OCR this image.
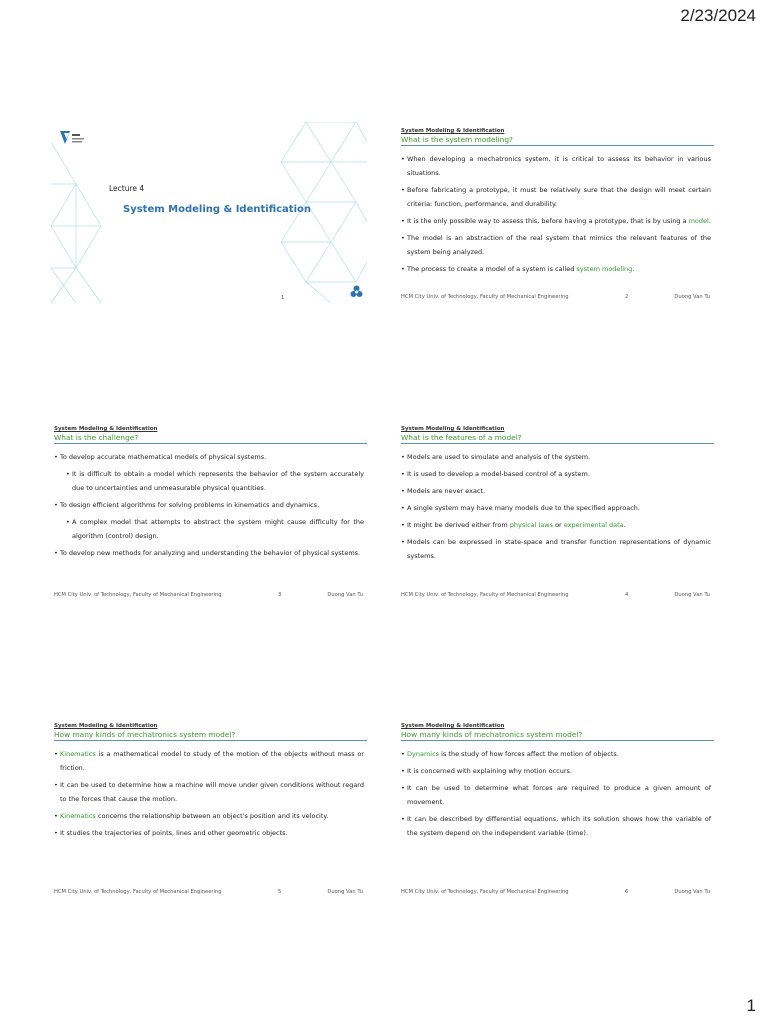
2/23/2024
Lecture 4
System Modeling & Identification
1
System Modeling & Identification
What is the system modeling?
• When developing a mechatronics system, it is critical to assess its behavior in various situations.
• Before fabricating a prototype, it must be relatively sure that the design will meet certain criteria: function, performance, and durability.
• It is the only possible way to assess this, before having a prototype, that is by using a model.
• The model is an abstraction of the real system that mimics the relevant features of the system being analyzed.
• The process to create a model of a system is called system modeling.
HCM City Univ. of Technology, Faculty of Mechanical Engineering	2	Duong Van Tu
System Modeling & Identification
What is the challenge?
• To develop accurate mathematical models of physical systems.
• It is difficult to obtain a model which represents the behavior of the system accurately due to uncertainties and unmeasurable physical quantities.
• To design efficient algorithms for solving problems in kinematics and dynamics.
• A complex model that attempts to abstract the system might cause difficulty for the algorithm (control) design.
• To develop new methods for analyzing and understanding the behavior of physical systems.
HCM City Univ. of Technology, Faculty of Mechanical Engineering	3	Duong Van Tu
System Modeling & Identification
What is the features of a model?
• Models are used to simulate and analysis of the system.
• It is used to develop a model-based control of a system.
• Models are never exact.
• A single system may have many models due to the specified approach.
• It might be derived either from physical laws or experimental data.
• Models can be expressed in state-space and transfer function representations of dynamic systems.
HCM City Univ. of Technology, Faculty of Mechanical Engineering	4	Duong Van Tu
System Modeling & Identification
How many kinds of mechatronics system model?
• Kinematics is a mathematical model to study of the motion of the objects without mass or friction.
• It can be used to determine how a machine will move under given conditions without regard to the forces that cause the motion.
• Kinematics concerns the relationship between an object's position and its velocity.
• It studies the trajectories of points, lines and other geometric objects.
HCM City Univ. of Technology, Faculty of Mechanical Engineering	5	Duong Van Tu
System Modeling & Identification
How many kinds of mechatronics system model?
• Dynamics is the study of how forces affect the motion of objects.
• It is concerned with explaining why motion occurs.
• It can be used to determine what forces are required to produce a given amount of movement.
• It can be described by differential equations, which its solution shows how the variable of the system depend on the independent variable (time).
HCM City Univ. of Technology, Faculty of Mechanical Engineering	6	Duong Van Tu
1
